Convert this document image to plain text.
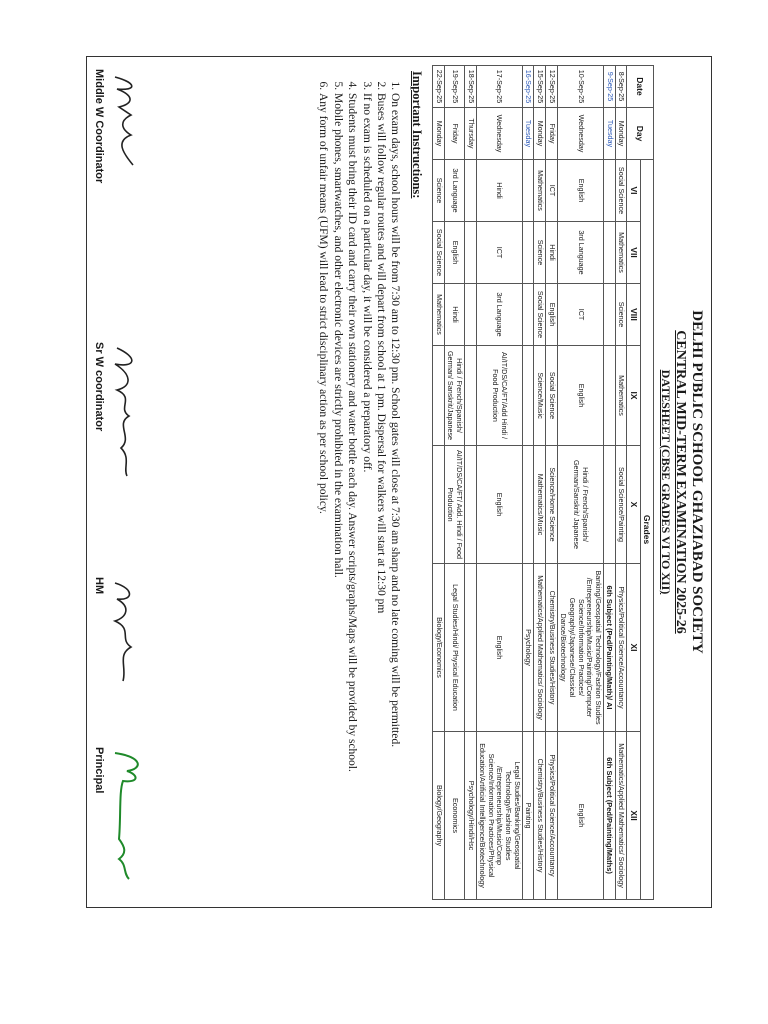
DELHI PUBLIC SCHOOL GHAZIABAD SOCIETY
CENTRAL MID-TERM EXAMINATION 2025-26
DATESHEET (CBSE GRADES VI TO XII)
Date	Day	Grades						
		VI	VII	VIII	IX	X	XI	XII
8-Sep-25	Monday	Social Science	Mathematics	Science	Mathematics	Social Science/Painting	Physics/Political Science/Accountancy	Mathematics/Applied Mathematics/ Sociology
9-Sep-25	Tuesday						6th Subject (Ped/Painting/Math)/ AI	6th Subject (Ped/Painting/Maths)
10-Sep-25	Wednesday	English	3rd Language	ICT	English	Hindi / French/Spanish/ German/Sanskrit/ Japanese	Banking/Geospatial Technology/Fashion Studies /Entrepreneurship/Music/Painting/Computer Science/Information Practices/ Geography/Japanese/Classical Dance/Biotechnology	English
12-Sep-25	Friday	ICT	Hindi	English	Social Science	Science/Home Science	Chemistry/Business Studies/History	Physics/Political Science/Accountancy
15-Sep-25	Monday	Mathematics	Science	Social Science	Science/Music	Mathematics/Music	Mathematics/Applied Mathematics/ Sociology	Chemistry/Business Studies/History
16-Sep-25	Tuesday						Psychology	Painting
17-Sep-25	Wednesday	Hindi	ICT	3rd Language	AI/IT/DS/CA/FT/Add Hindi / Food Production	English	English	Legal Studies/Banking/Geospatial Technology/Fashion Studies /Entrepreneurship/Music/Comp Science/Information Practices/Physical Education/Artificial Intelligence/Biotechnology
18-Sep-25	Thursday							Psychology/Hindi/Hsc
19-Sep-25	Friday	3rd Language	English	Hindi	Hindi / French/Spanish/ German/ Sanskrit/Japanese	AI/IT/DS/CA/FT/ Add. Hindi / Food Production	Legal Studies/Hindi/ Physical Education	Economics
22-Sep-25	Monday	Science	Social Science	Mathematics			Biology/Economics	Biology/Geography
Important Instructions:
1. On exam days, school hours will be from 7:30 am to 12:30 pm. School gates will close at 7:30 am sharp and no late coming will be permitted.
2. Buses will follow regular routes and will depart from school at 1 pm. Dispersal for walkers will start at 12:30 pm
3. If no exam is scheduled on a particular day, it will be considered a preparatory off.
4. Students must bring their ID card and carry their own stationery and water bottle each day. Answer scripts/graphs/Maps will be provided by school.
5. Mobile phones, smartwatches, and other electronic devices are strictly prohibited in the examination hall.
6. Any form of unfair means (UFM) will lead to strict disciplinary action as per school policy.
Middle W Coordinator
Sr W coordinator
HM
Principal
